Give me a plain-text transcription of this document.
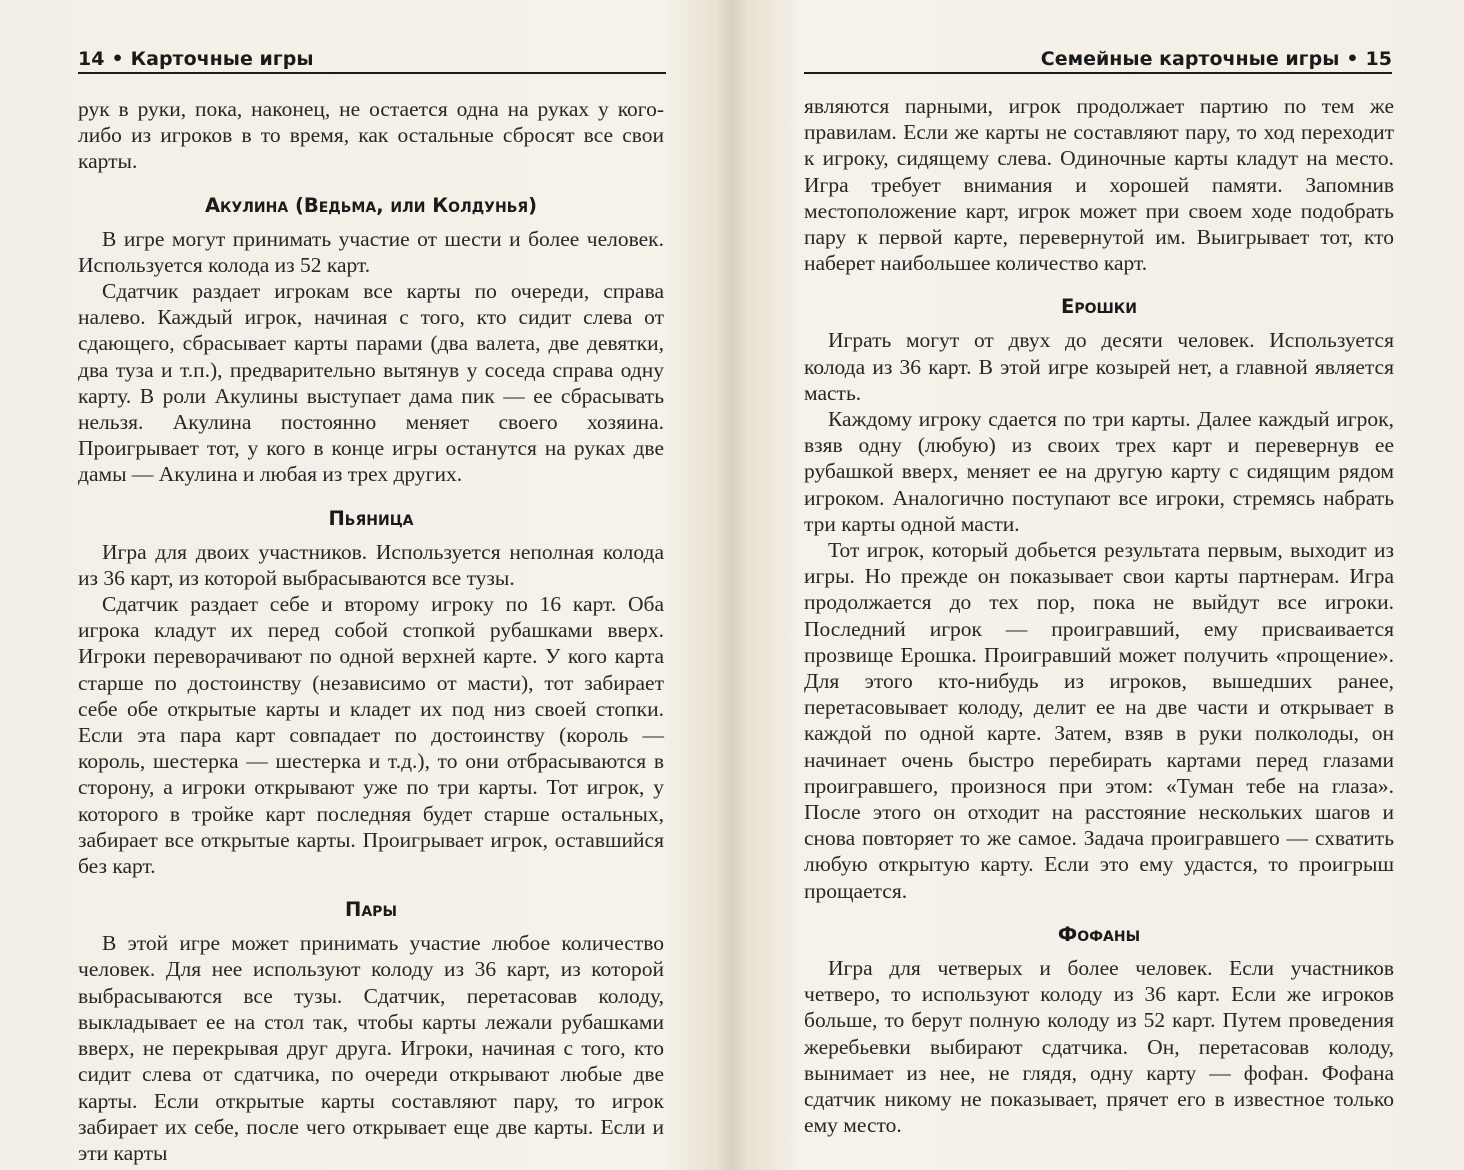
14 • Карточные игры

рук в руки, пока, наконец, не остается одна на руках у кого-либо из игроков в то время, как остальные сбросят все свои карты.

Акулина (Ведьма, или Колдунья)

В игре могут принимать участие от шести и более человек. Используется колода из 52 карт.

Сдатчик раздает игрокам все карты по очереди, справа налево. Каждый игрок, начиная с того, кто сидит слева от сдающего, сбрасывает карты парами (два валета, две девятки, два туза и т.п.), предварительно вытянув у соседа справа одну карту. В роли Акулины выступает дама пик — ее сбрасывать нельзя. Акулина постоянно меняет своего хозяина. Проигрывает тот, у кого в конце игры останутся на руках две дамы — Акулина и любая из трех других.

Пьяница

Игра для двоих участников. Используется неполная колода из 36 карт, из которой выбрасываются все тузы.

Сдатчик раздает себе и второму игроку по 16 карт. Оба игрока кладут их перед собой стопкой рубашками вверх. Игроки переворачивают по одной верхней карте. У кого карта старше по достоинству (независимо от масти), тот забирает себе обе открытые карты и кладет их под низ своей стопки. Если эта пара карт совпадает по достоинству (король — король, шестерка — шестерка и т.д.), то они отбрасываются в сторону, а игроки открывают уже по три карты. Тот игрок, у которого в тройке карт последняя будет старше остальных, забирает все открытые карты. Проигрывает игрок, оставшийся без карт.

Пары

В этой игре может принимать участие любое количество человек. Для нее используют колоду из 36 карт, из которой выбрасываются все тузы. Сдатчик, перетасовав колоду, выкладывает ее на стол так, чтобы карты лежали рубашками вверх, не перекрывая друг друга. Игроки, начиная с того, кто сидит слева от сдатчика, по очереди открывают любые две карты. Если открытые карты составляют пару, то игрок забирает их себе, после чего открывает еще две карты. Если и эти карты

Семейные карточные игры • 15

являются парными, игрок продолжает партию по тем же правилам. Если же карты не составляют пару, то ход переходит к игроку, сидящему слева. Одиночные карты кладут на место. Игра требует внимания и хорошей памяти. Запомнив местоположение карт, игрок может при своем ходе подобрать пару к первой карте, перевернутой им. Выигрывает тот, кто наберет наибольшее количество карт.

Ерошки

Играть могут от двух до десяти человек. Используется колода из 36 карт. В этой игре козырей нет, а главной является масть.

Каждому игроку сдается по три карты. Далее каждый игрок, взяв одну (любую) из своих трех карт и перевернув ее рубашкой вверх, меняет ее на другую карту с сидящим рядом игроком. Аналогично поступают все игроки, стремясь набрать три карты одной масти.

Тот игрок, который добьется результата первым, выходит из игры. Но прежде он показывает свои карты партнерам. Игра продолжается до тех пор, пока не выйдут все игроки. Последний игрок — проигравший, ему присваивается прозвище Ерошка. Проигравший может получить «прощение». Для этого кто-нибудь из игроков, вышедших ранее, перетасовывает колоду, делит ее на две части и открывает в каждой по одной карте. Затем, взяв в руки полколоды, он начинает очень быстро перебирать картами перед глазами проигравшего, произнося при этом: «Туман тебе на глаза». После этого он отходит на расстояние нескольких шагов и снова повторяет то же самое. Задача проигравшего — схватить любую открытую карту. Если это ему удастся, то проигрыш прощается.

Фофаны

Игра для четверых и более человек. Если участников четверо, то используют колоду из 36 карт. Если же игроков больше, то берут полную колоду из 52 карт. Путем проведения жеребьевки выбирают сдатчика. Он, перетасовав колоду, вынимает из нее, не глядя, одну карту — фофан. Фофана сдатчик никому не показывает, прячет его в известное только ему место.
